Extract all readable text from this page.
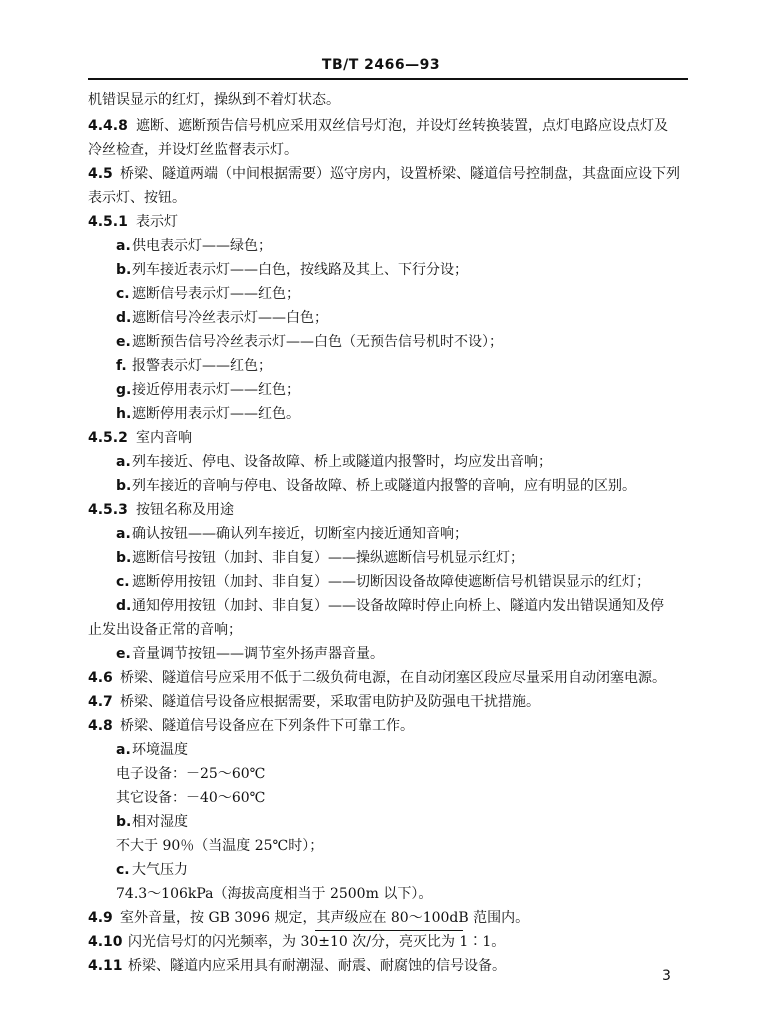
TB/T 2466—93
机错误显示的红灯，操纵到不着灯状态。
4.4.8 遮断、遮断预告信号机应采用双丝信号灯泡，并设灯丝转换装置，点灯电路应设点灯及
冷丝检查，并设灯丝监督表示灯。
4.5 桥梁、隧道两端（中间根据需要）巡守房内，设置桥梁、隧道信号控制盘，其盘面应设下列
表示灯、按钮。
4.5.1 表示灯
a.供电表示灯——绿色；
b.列车接近表示灯——白色，按线路及其上、下行分设；
c. 遮断信号表示灯——红色；
d.遮断信号冷丝表示灯——白色；
e.遮断预告信号冷丝表示灯——白色（无预告信号机时不设）；
f. 报警表示灯——红色；
g.接近停用表示灯——红色；
h.遮断停用表示灯——红色。
4.5.2 室内音响
a.列车接近、停电、设备故障、桥上或隧道内报警时，均应发出音响；
b.列车接近的音响与停电、设备故障、桥上或隧道内报警的音响，应有明显的区别。
4.5.3 按钮名称及用途
a.确认按钮——确认列车接近，切断室内接近通知音响；
b.遮断信号按钮（加封、非自复）——操纵遮断信号机显示红灯；
c. 遮断停用按钮（加封、非自复）——切断因设备故障使遮断信号机错误显示的红灯；
d.通知停用按钮（加封、非自复）——设备故障时停止向桥上、隧道内发出错误通知及停
止发出设备正常的音响；
e.音量调节按钮——调节室外扬声器音量。
4.6 桥梁、隧道信号应采用不低于二级负荷电源，在自动闭塞区段应尽量采用自动闭塞电源。
4.7 桥梁、隧道信号设备应根据需要，采取雷电防护及防强电干扰措施。
4.8 桥梁、隧道信号设备应在下列条件下可靠工作。
a.环境温度
电子设备：－25～60℃
其它设备：－40～60℃
b.相对湿度
不大于 90％（当温度 25℃时）；
c. 大气压力
74.3～106kPa（海拔高度相当于 2500m 以下）。
4.9 室外音量，按 GB 3096 规定，其声级应在 80～100dB 范围内。
4.10 闪光信号灯的闪光频率，为 30±10 次/分，亮灭比为 1∶1。
4.11 桥梁、隧道内应采用具有耐潮湿、耐震、耐腐蚀的信号设备。
3
